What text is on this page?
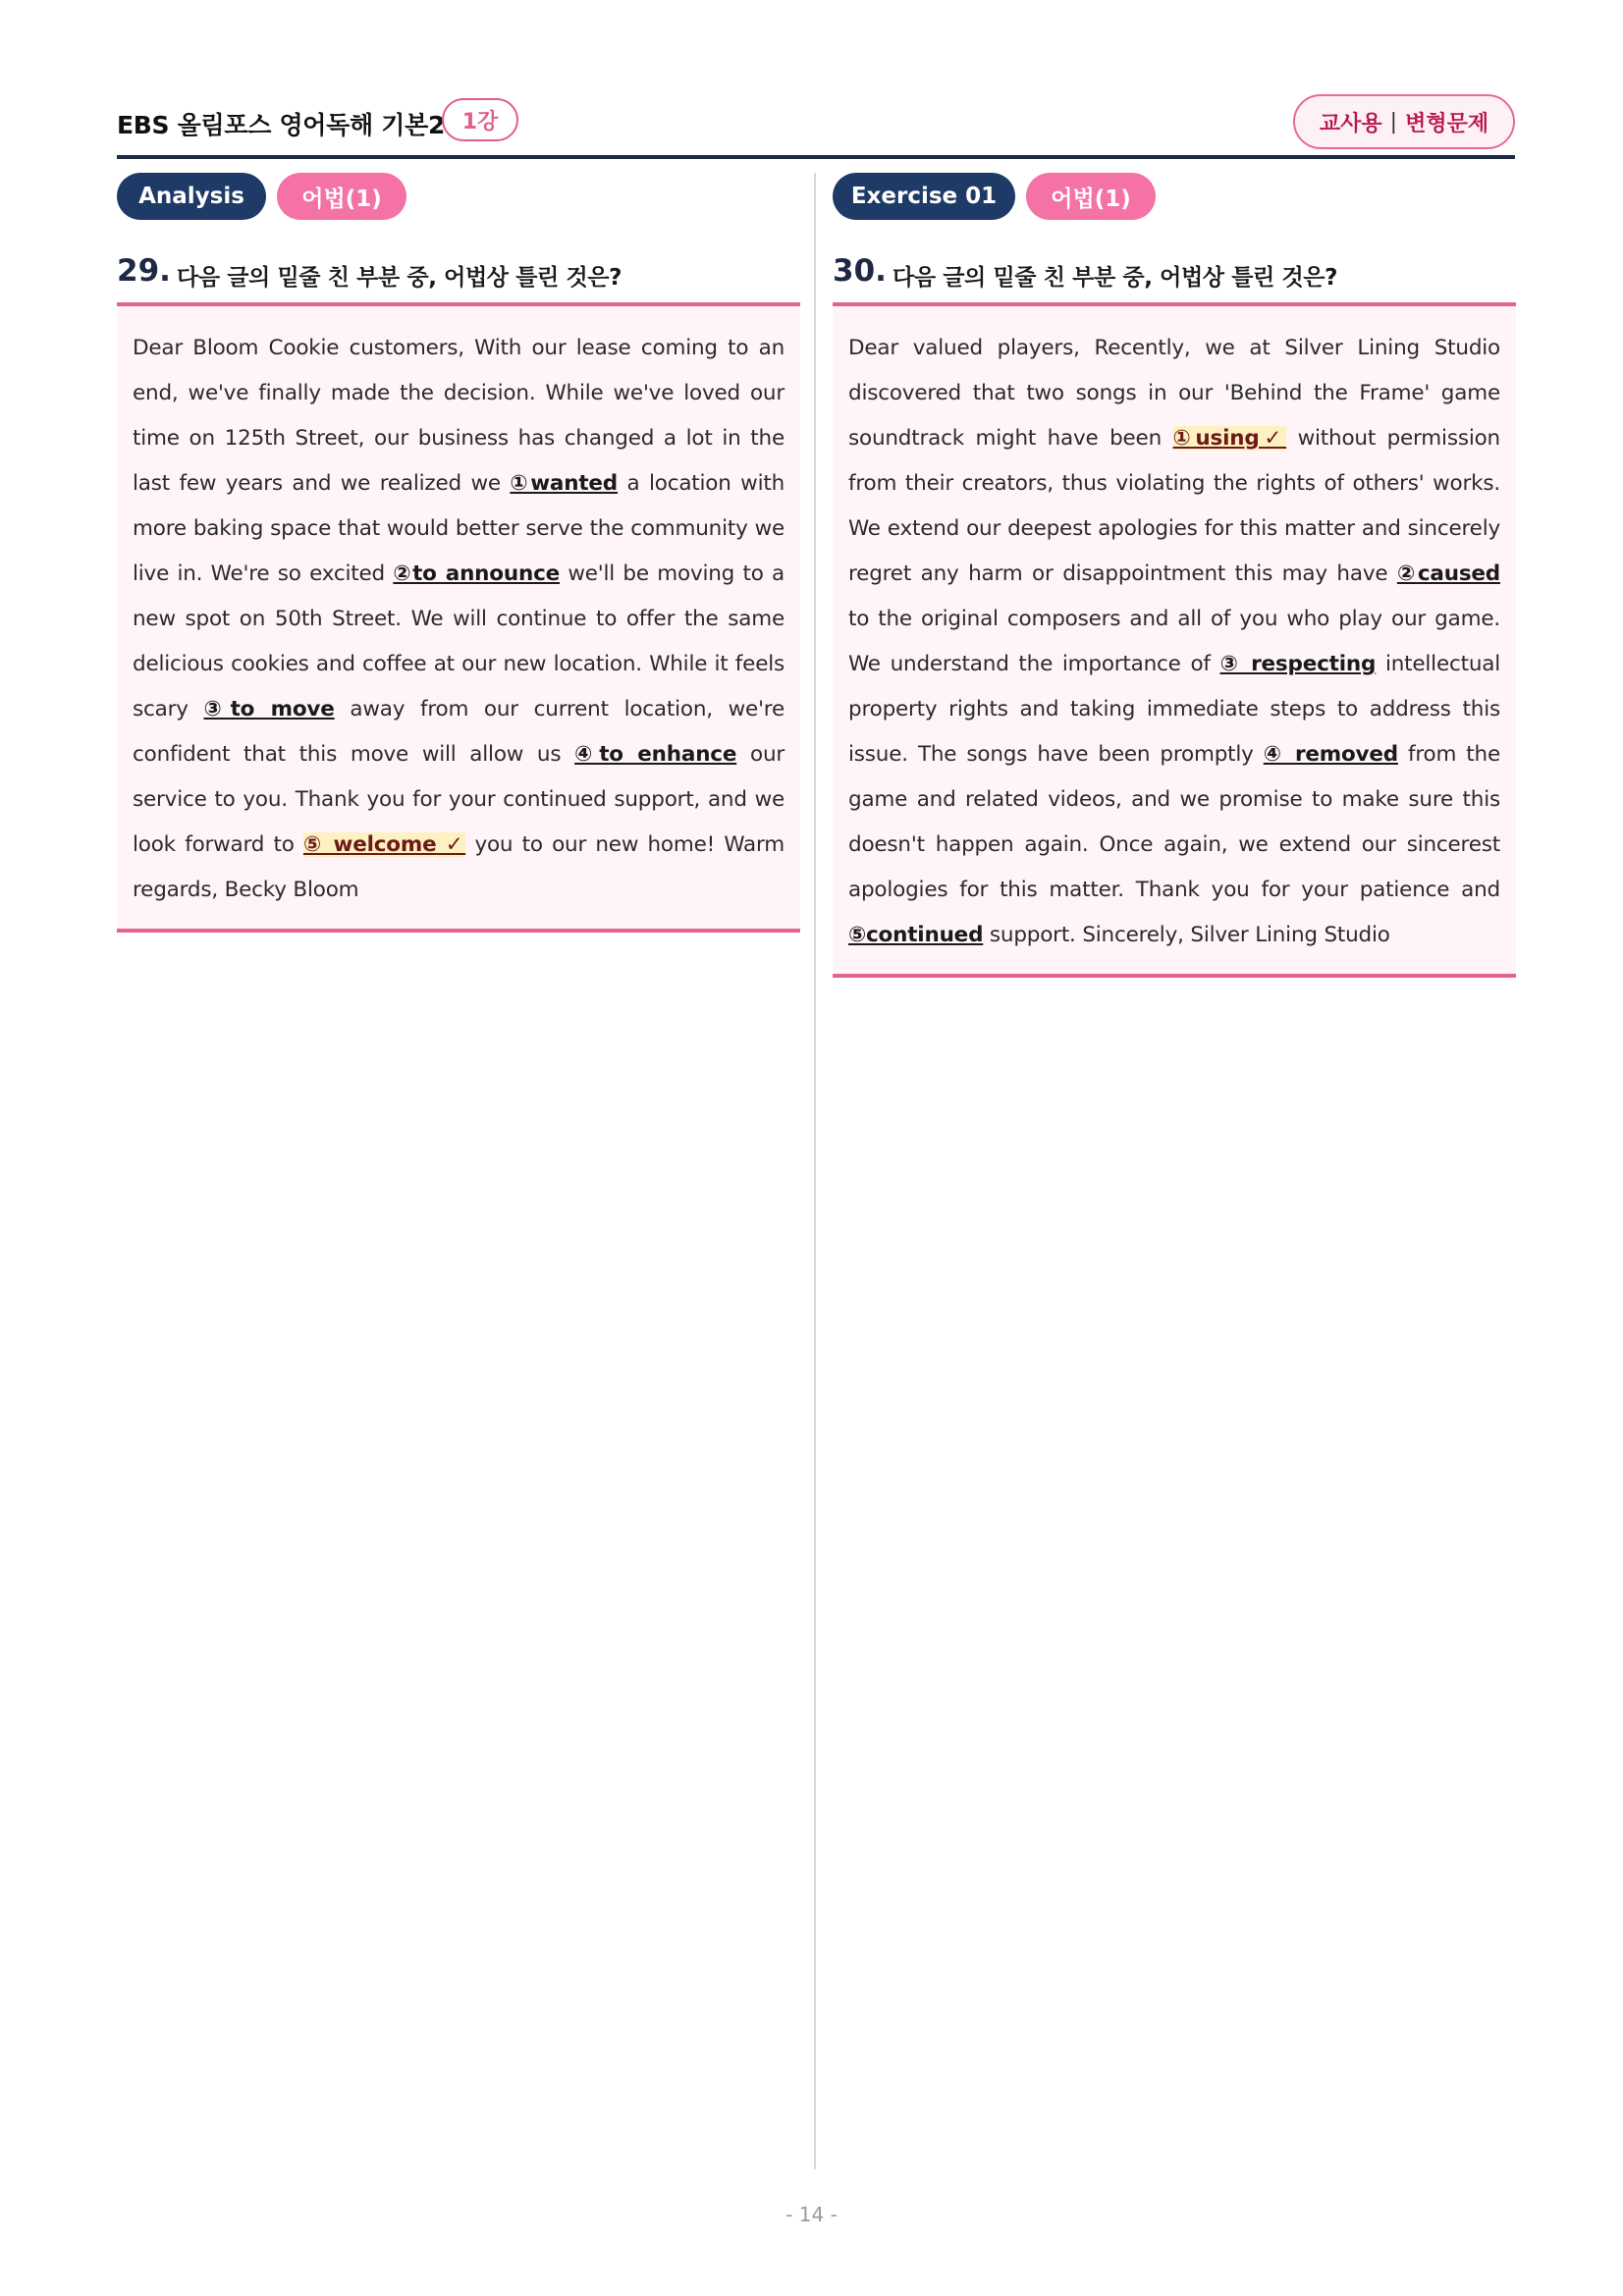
EBS 올림포스 영어독해 기본2 1강	교사용 | 변형문제
Analysis	어법(1)
29. 다음 글의 밑줄 친 부분 중, 어법상 틀린 것은?
Dear Bloom Cookie customers, With our lease coming to an end, we've finally made the decision. While we've loved our time on 125th Street, our business has changed a lot in the last few years and we realized we ①wanted a location with more baking space that would better serve the community we live in. We're so excited ②to announce we'll be moving to a new spot on 50th Street. We will continue to offer the same delicious cookies and coffee at our new location. While it feels scary ③to move away from our current location, we're confident that this move will allow us ④to enhance our service to you. Thank you for your continued support, and we look forward to ⑤ welcome ✓ you to our new home! Warm regards, Becky Bloom
Exercise 01	어법(1)
30. 다음 글의 밑줄 친 부분 중, 어법상 틀린 것은?
Dear valued players, Recently, we at Silver Lining Studio discovered that two songs in our 'Behind the Frame' game soundtrack might have been ①using✓ without permission from their creators, thus violating the rights of others' works. We extend our deepest apologies for this matter and sincerely regret any harm or disappointment this may have ②caused to the original composers and all of you who play our game. We understand the importance of ③ respecting intellectual property rights and taking immediate steps to address this issue. The songs have been promptly ④ removed from the game and related videos, and we promise to make sure this doesn't happen again. Once again, we extend our sincerest apologies for this matter. Thank you for your patience and ⑤continued support. Sincerely, Silver Lining Studio
- 14 -
